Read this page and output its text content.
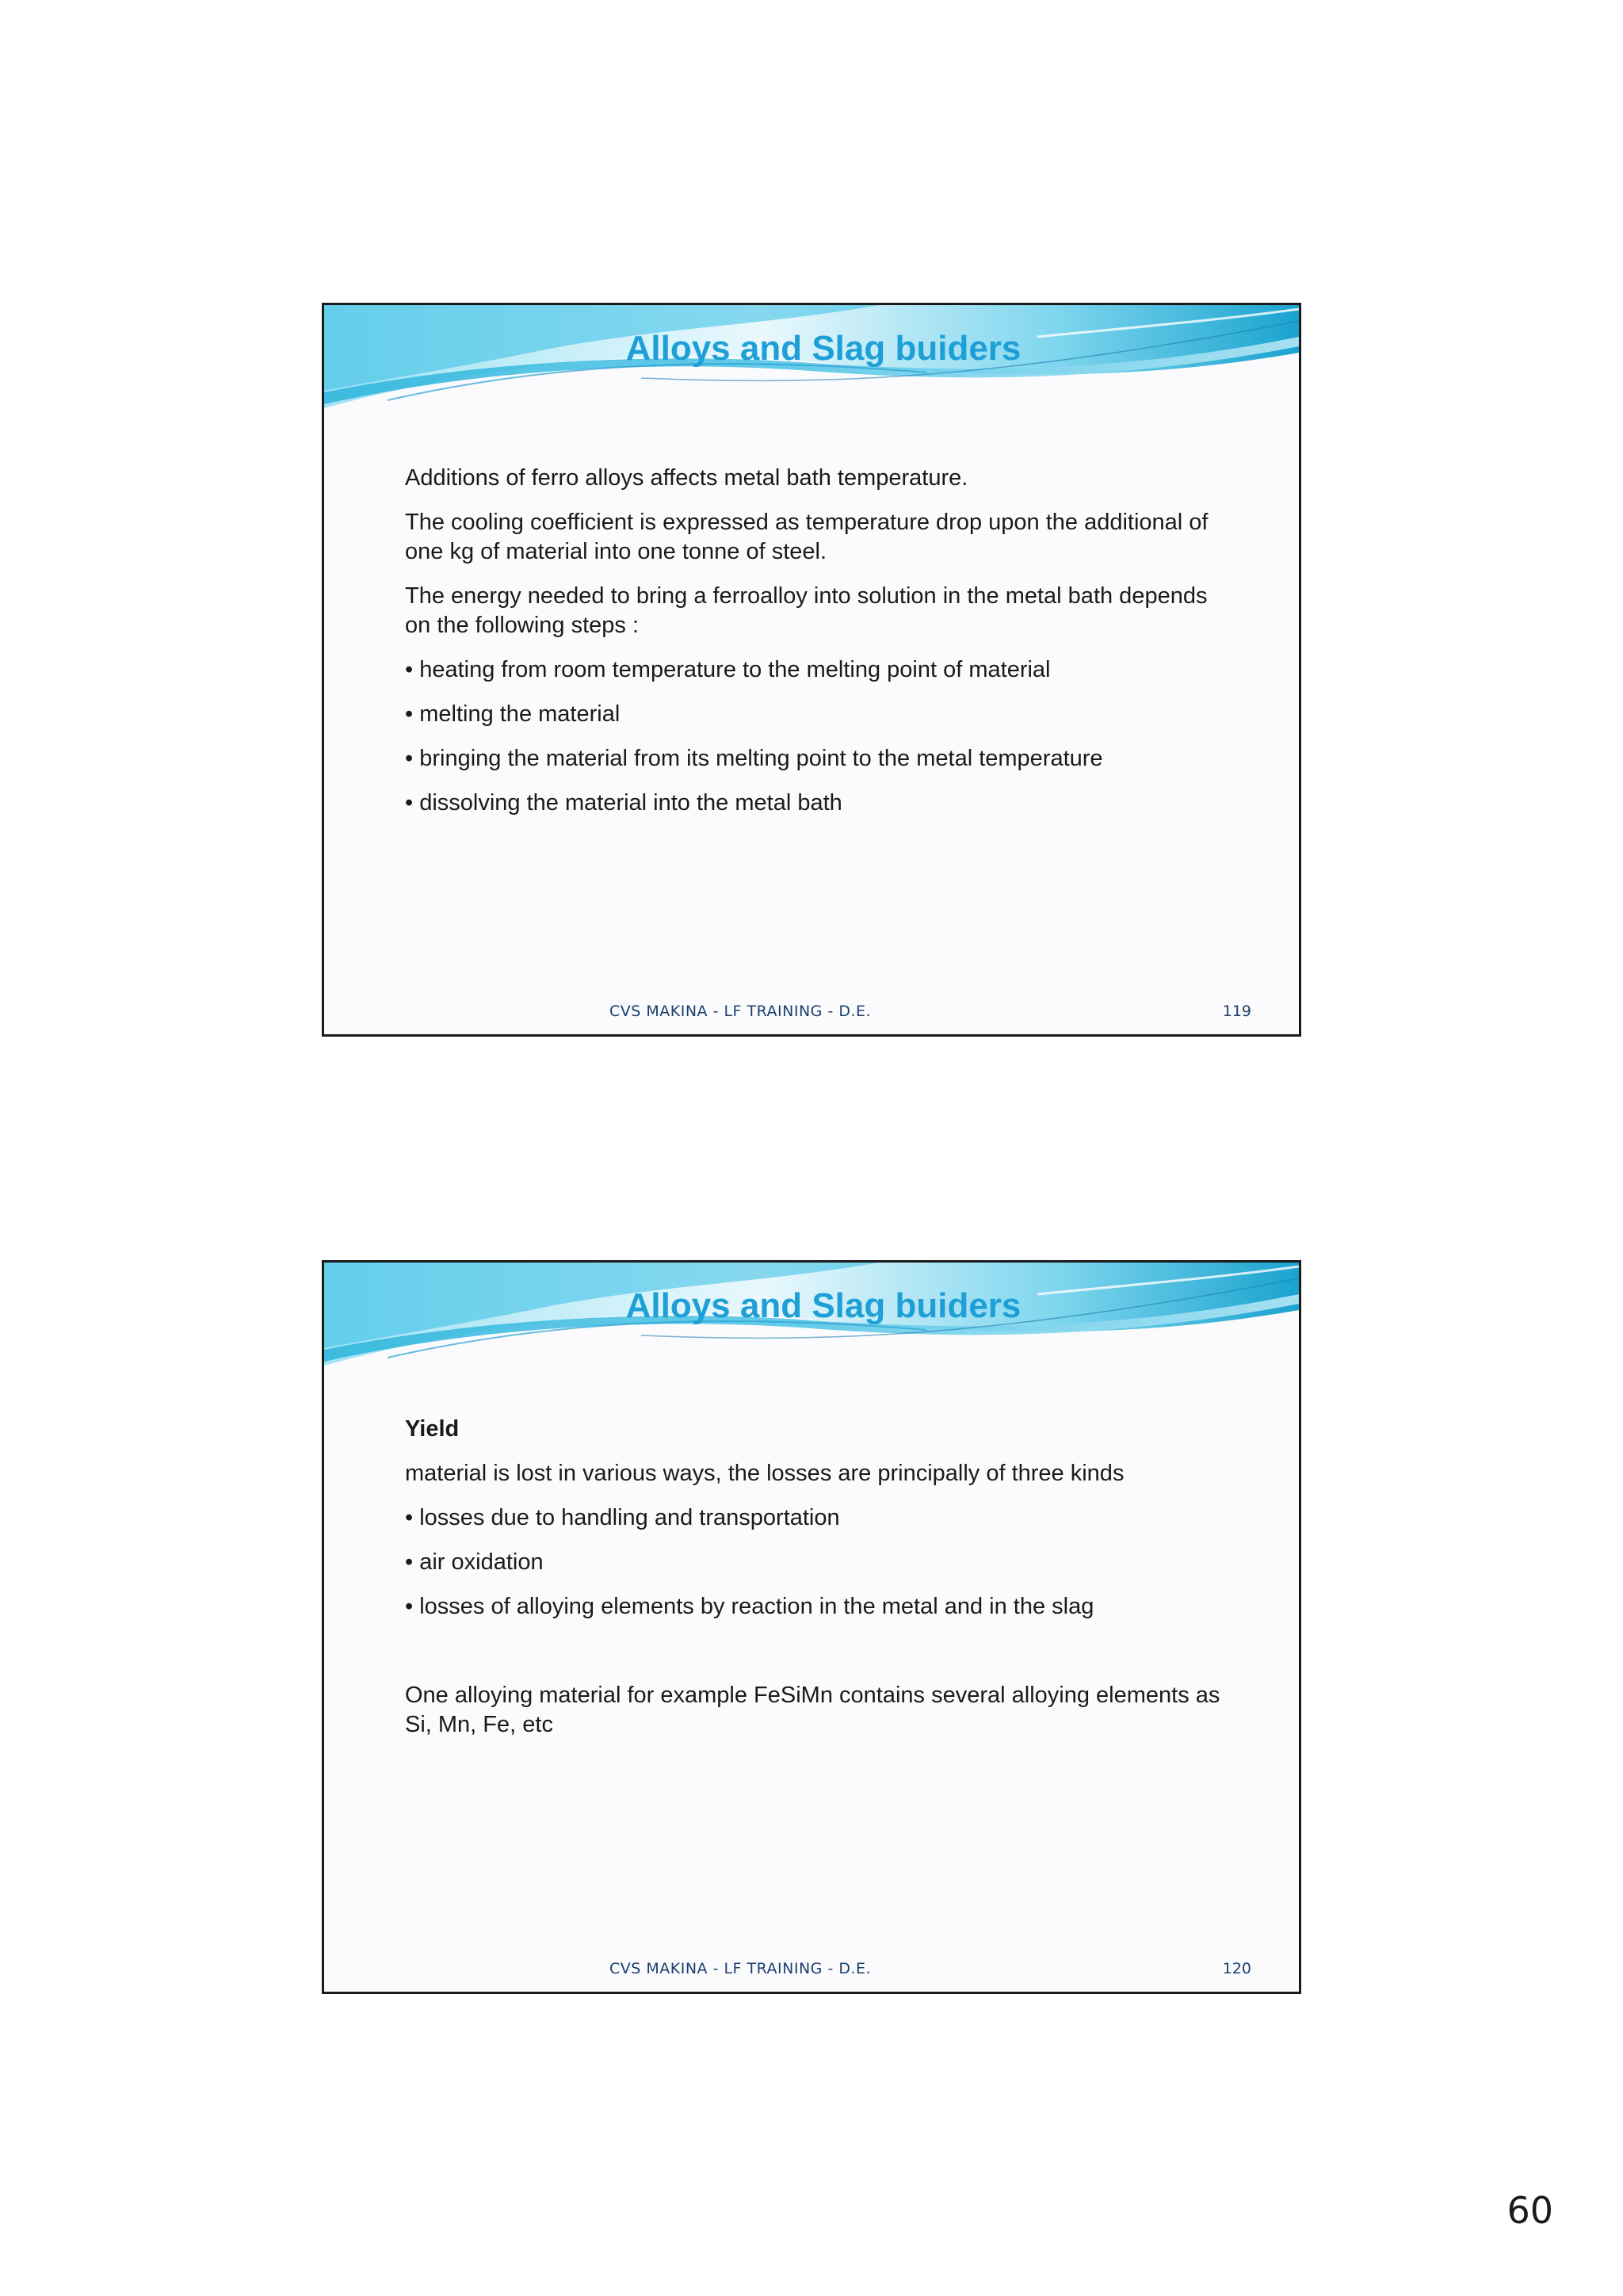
Alloys and Slag buiders

Additions of ferro alloys affects metal bath temperature.

The cooling coefficient is expressed as temperature drop upon the additional of one kg of material into one tonne of steel.

The energy needed to bring a ferroalloy into solution in the metal bath depends on the following steps :

• heating from room temperature to the melting point of material

• melting the material

• bringing the material from its melting point to the metal temperature

• dissolving the material into the metal bath

CVS MAKINA - LF TRAINING - D.E.	119
Alloys and Slag buiders

Yield

material is lost in various ways, the losses are principally of three kinds

• losses due to handling and transportation

• air oxidation

• losses of alloying elements by reaction in the metal and in the slag

One alloying material for example FeSiMn contains several alloying elements as Si, Mn, Fe, etc

CVS MAKINA - LF TRAINING - D.E.	120
60
